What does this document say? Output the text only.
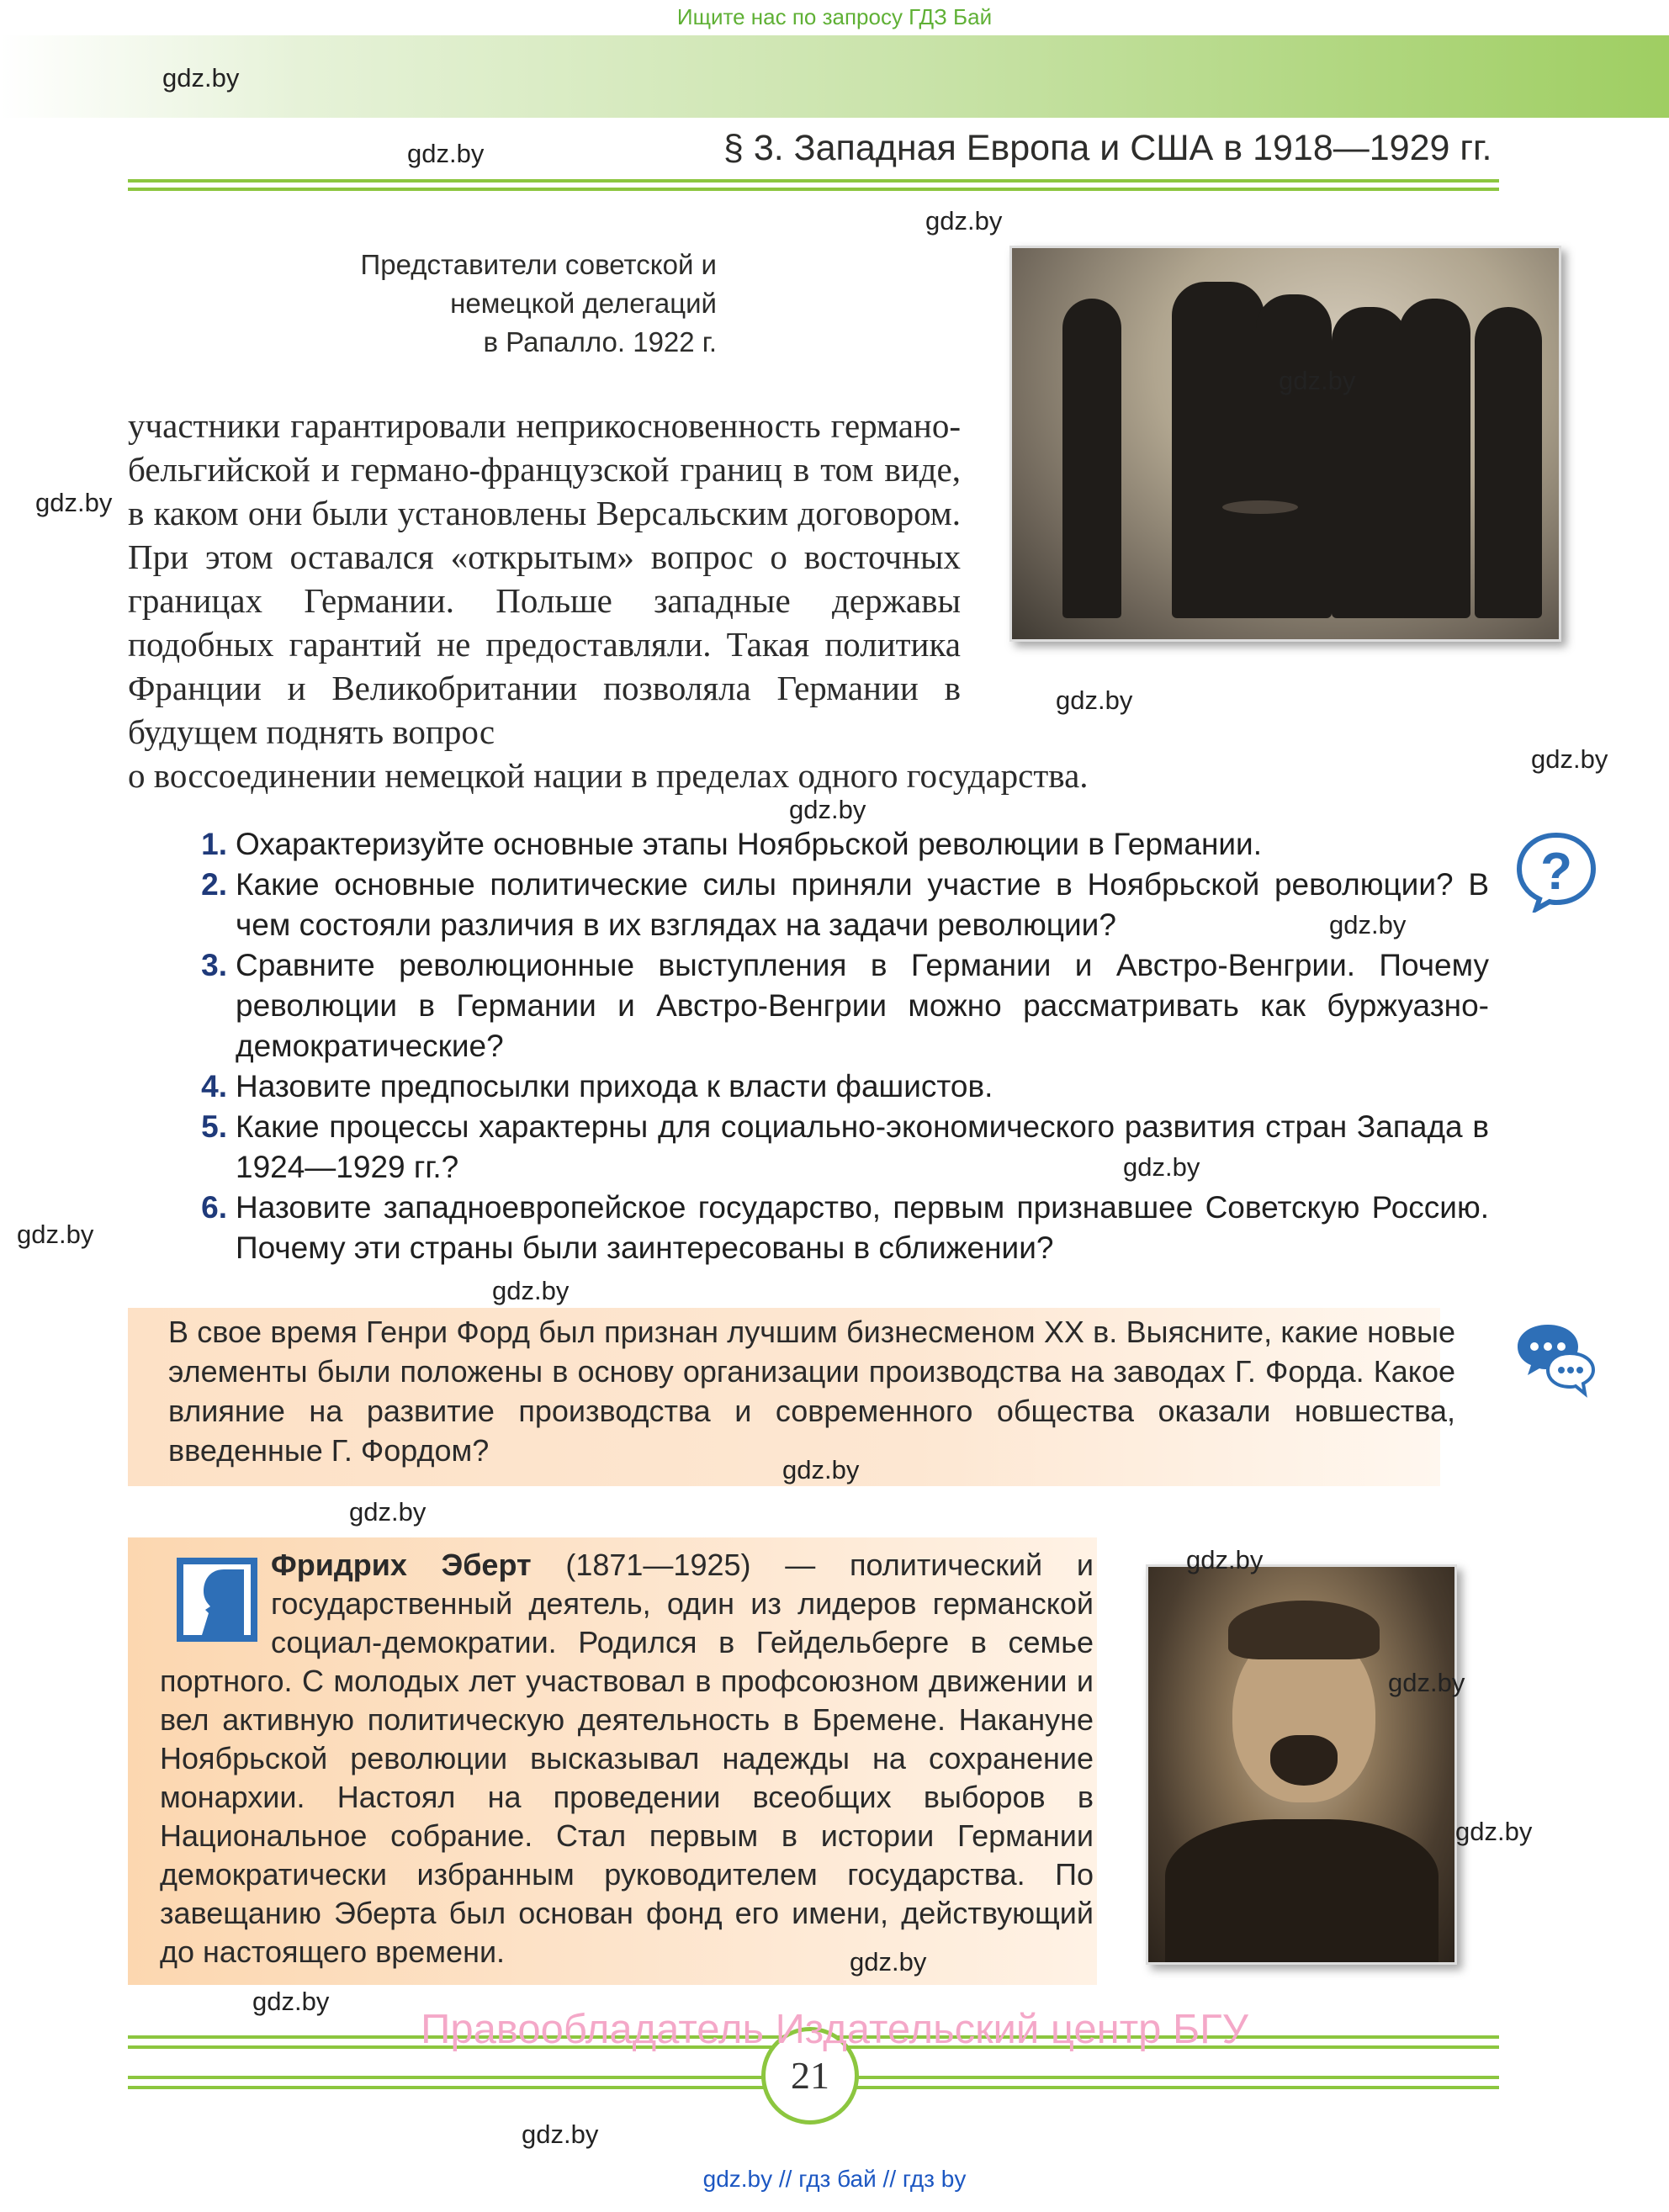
Ищите нас по запросу ГДЗ Бай
gdz.by
gdz.by	§ 3. Западная Европа и США в 1918—1929 гг.
gdz.by
Представители советской и немецкой делегаций
в Рапалло. 1922 г.
gdz.by
gdz.by
участники гарантировали неприкосновенность германо-бельгийской и германо-французской границ в том виде, в каком они были установлены Версальским договором. При этом оставался «открытым» вопрос о восточных границах Германии. Польше западные державы подобных гарантий не предоставляли. Такая политика Франции и Великобритании позволяла Германии в будущем поднять вопрос
о воссоединении немецкой нации в пределах одного государства.
gdz.by
gdz.by
gdz.by
?
1. Охарактеризуйте основные этапы Ноябрьской революции в Германии.
2. Какие основные политические силы приняли участие в Ноябрьской революции? В чем состояли различия в их взглядах на задачи революции?
3. Сравните революционные выступления в Германии и Австро-Венгрии. Почему революции в Германии и Австро-Венгрии можно рассматривать как буржуазно-демократические?
4. Назовите предпосылки прихода к власти фашистов.
5. Какие процессы характерны для социально-экономического развития стран Запада в 1924—1929 гг.?
6. Назовите западноевропейское государство, первым признавшее Советскую Россию. Почему эти страны были заинтересованы в сближении?
gdz.by
gdz.by
gdz.by
gdz.by
В свое время Генри Форд был признан лучшим бизнесменом XX в. Выясните, какие новые элементы были положены в основу организации производства на заводах Г. Форда. Какое влияние на развитие производства и современного общества оказали новшества, введенные Г. Фордом?
gdz.by
gdz.by
Фридрих Эберт (1871—1925) — политический и государственный деятель, один из лидеров германской социал-демократии. Родился в Гейдельберге в семье портного. С молодых лет участвовал в профсоюзном движении и вел активную политическую деятельность в Бремене. Накануне Ноябрьской революции высказывал надежды на сохранение монархии. Настоял на проведении всеобщих выборов в Национальное собрание. Стал первым в истории Германии демократически избранным руководителем государства. По завещанию Эберта был основан фонд его имени, действующий до настоящего времени.
gdz.by
gdz.by
gdz.by
gdz.by
gdz.by
21
Правообладатель Издательский центр БГУ
gdz.by
gdz.by // гдз бай // гдз by
